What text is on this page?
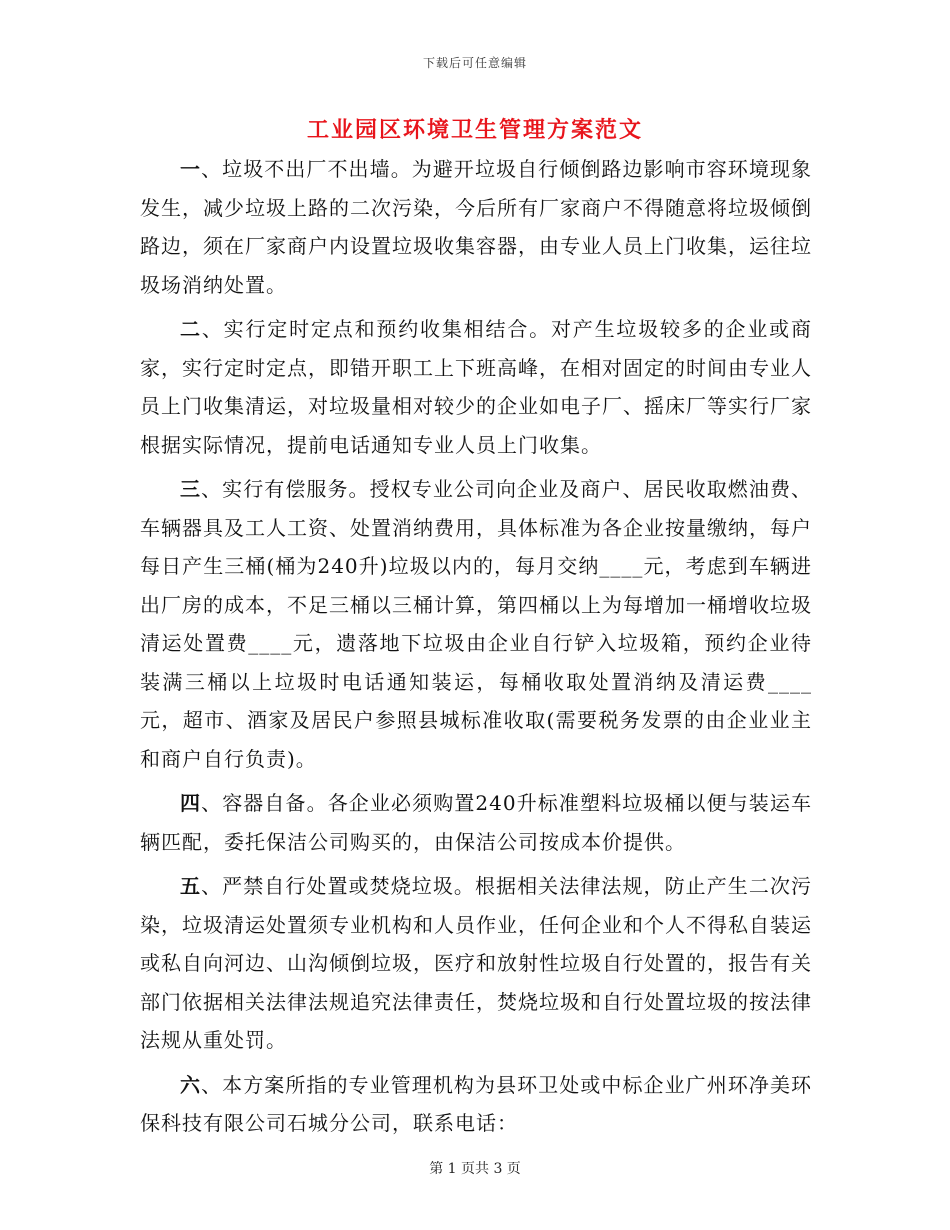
下载后可任意编辑
工业园区环境卫生管理方案范文

一、垃圾不出厂不出墙。为避开垃圾自行倾倒路边影响市容环境现象发生，减少垃圾上路的二次污染，今后所有厂家商户不得随意将垃圾倾倒路边，须在厂家商户内设置垃圾收集容器，由专业人员上门收集，运往垃圾场消纳处置。

二、实行定时定点和预约收集相结合。对产生垃圾较多的企业或商家，实行定时定点，即错开职工上下班高峰，在相对固定的时间由专业人员上门收集清运，对垃圾量相对较少的企业如电子厂、摇床厂等实行厂家根据实际情况，提前电话通知专业人员上门收集。

三、实行有偿服务。授权专业公司向企业及商户、居民收取燃油费、车辆器具及工人工资、处置消纳费用，具体标准为各企业按量缴纳，每户每日产生三桶(桶为240升)垃圾以内的，每月交纳____元，考虑到车辆进出厂房的成本，不足三桶以三桶计算，第四桶以上为每增加一桶增收垃圾清运处置费____元，遗落地下垃圾由企业自行铲入垃圾箱，预约企业待装满三桶以上垃圾时电话通知装运，每桶收取处置消纳及清运费____元，超市、酒家及居民户参照县城标准收取(需要税务发票的由企业业主和商户自行负责)。

四、容器自备。各企业必须购置240升标准塑料垃圾桶以便与装运车辆匹配，委托保洁公司购买的，由保洁公司按成本价提供。

五、严禁自行处置或焚烧垃圾。根据相关法律法规，防止产生二次污染，垃圾清运处置须专业机构和人员作业，任何企业和个人不得私自装运或私自向河边、山沟倾倒垃圾，医疗和放射性垃圾自行处置的，报告有关部门依据相关法律法规追究法律责任，焚烧垃圾和自行处置垃圾的按法律法规从重处罚。

六、本方案所指的专业管理机构为县环卫处或中标企业广州环净美环保科技有限公司石城分公司，联系电话：

第 1 页共 3 页
